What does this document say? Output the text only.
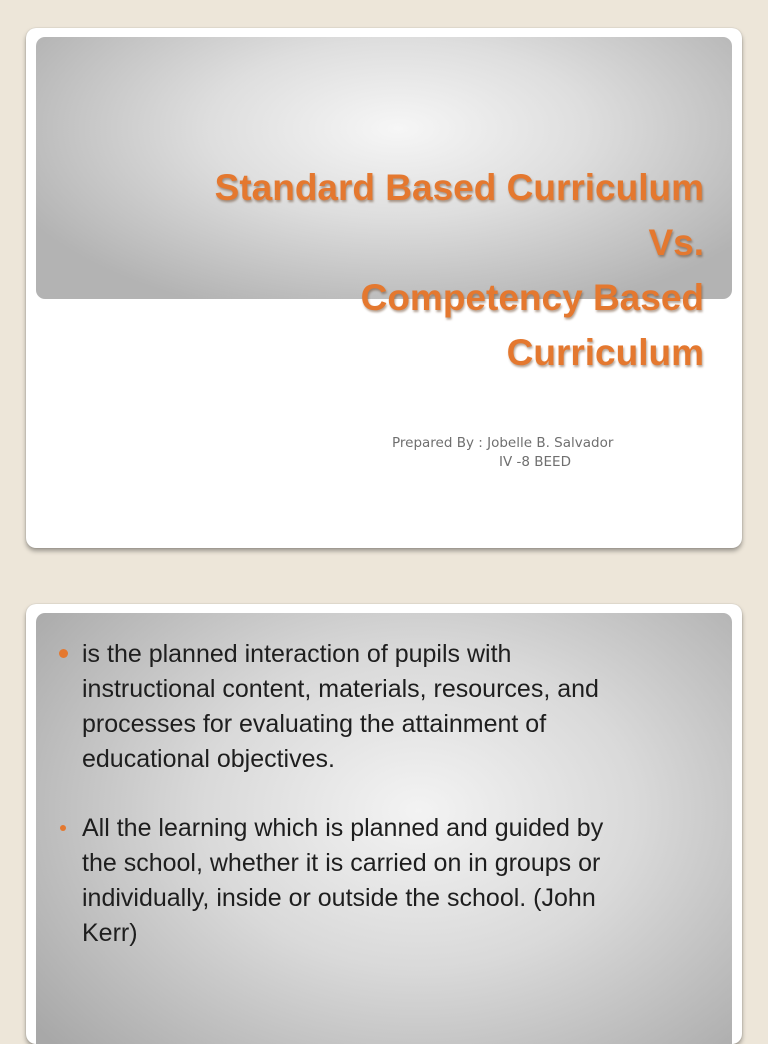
Standard Based Curriculum
Vs.
Competency Based
Curriculum
Prepared By : Jobelle B. Salvador
IV -8 BEED
is the planned interaction of pupils with
instructional content, materials, resources, and
processes for evaluating the attainment of
educational objectives.
All the learning which is planned and guided by
the school, whether it is carried on in groups or
individually, inside or outside the school. (John
Kerr)
